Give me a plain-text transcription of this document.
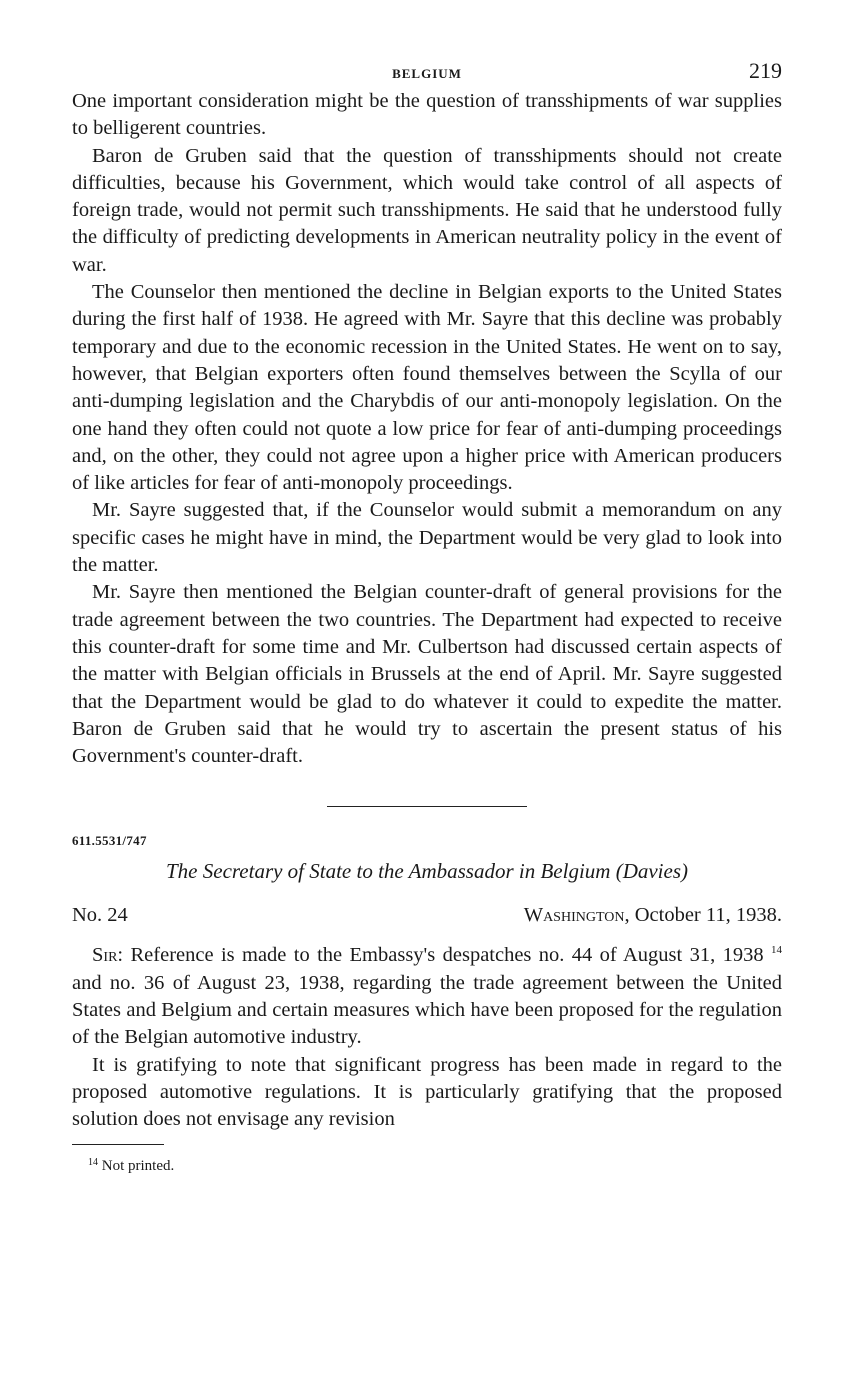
BELGIUM	219

One important consideration might be the question of transshipments of war supplies to belligerent countries.

Baron de Gruben said that the question of transshipments should not create difficulties, because his Government, which would take control of all aspects of foreign trade, would not permit such transshipments. He said that he understood fully the difficulty of predicting developments in American neutrality policy in the event of war.

The Counselor then mentioned the decline in Belgian exports to the United States during the first half of 1938. He agreed with Mr. Sayre that this decline was probably temporary and due to the economic recession in the United States. He went on to say, however, that Belgian exporters often found themselves between the Scylla of our anti-dumping legislation and the Charybdis of our anti-monopoly legislation. On the one hand they often could not quote a low price for fear of anti-dumping proceedings and, on the other, they could not agree upon a higher price with American producers of like articles for fear of anti-monopoly proceedings.

Mr. Sayre suggested that, if the Counselor would submit a memorandum on any specific cases he might have in mind, the Department would be very glad to look into the matter.

Mr. Sayre then mentioned the Belgian counter-draft of general provisions for the trade agreement between the two countries. The Department had expected to receive this counter-draft for some time and Mr. Culbertson had discussed certain aspects of the matter with Belgian officials in Brussels at the end of April. Mr. Sayre suggested that the Department would be glad to do whatever it could to expedite the matter. Baron de Gruben said that he would try to ascertain the present status of his Government's counter-draft.

611.5531/747
The Secretary of State to the Ambassador in Belgium (Davies)
No. 24	Washington, October 11, 1938.

Sir: Reference is made to the Embassy's despatches no. 44 of August 31, 1938 $^{14}$ and no. 36 of August 23, 1938, regarding the trade agreement between the United States and Belgium and certain measures which have been proposed for the regulation of the Belgian automotive industry.

It is gratifying to note that significant progress has been made in regard to the proposed automotive regulations. It is particularly gratifying that the proposed solution does not envisage any revision

$^{14}$ Not printed.
